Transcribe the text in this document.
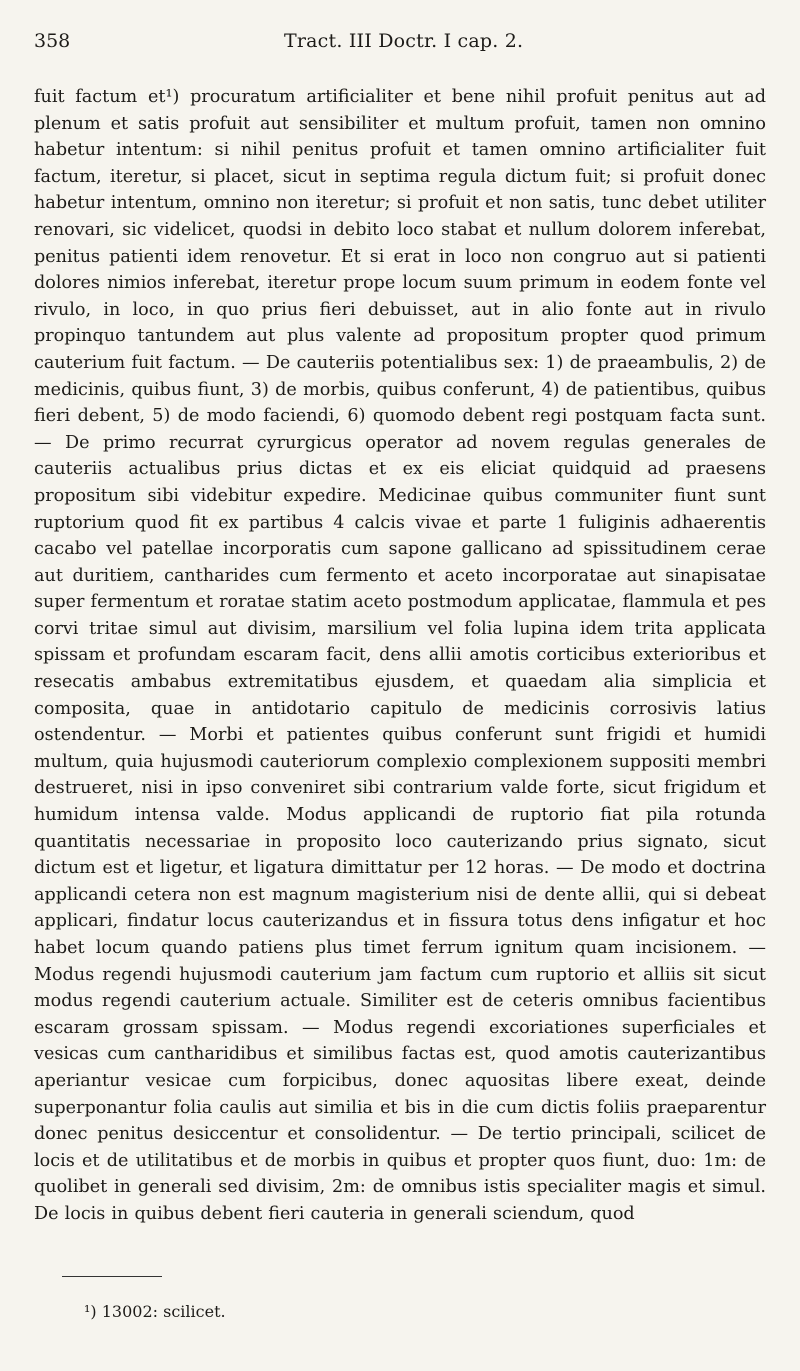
358	Tract. III Doctr. I cap. 2.

fuit factum et¹) procuratum artificialiter et bene nihil profuit penitus aut ad plenum et satis profuit aut sensibiliter et multum profuit, tamen non omnino habetur intentum: si nihil penitus profuit et tamen omnino artificialiter fuit factum, iteretur, si placet, sicut in septima regula dictum fuit; si profuit donec habetur intentum, omnino non iteretur; si profuit et non satis, tunc debet utiliter renovari, sic videlicet, quodsi in debito loco stabat et nullum dolorem inferebat, penitus patienti idem renovetur. Et si erat in loco non congruo aut si patienti dolores nimios inferebat, iteretur prope locum suum primum in eodem fonte vel rivulo, in loco, in quo prius fieri debuisset, aut in alio fonte aut in rivulo propinquo tantundem aut plus valente ad propositum propter quod primum cauterium fuit factum. — De cauteriis potentialibus sex: 1) de praeambulis, 2) de medicinis, quibus fiunt, 3) de morbis, quibus conferunt, 4) de patientibus, quibus fieri debent, 5) de modo faciendi, 6) quomodo debent regi postquam facta sunt. — De primo recurrat cyrurgicus operator ad novem regulas generales de cauteriis actualibus prius dictas et ex eis eliciat quidquid ad praesens propositum sibi videbitur expedire. Medicinae quibus communiter fiunt sunt ruptorium quod fit ex partibus 4 calcis vivae et parte 1 fuliginis adhaerentis cacabo vel patellae incorporatis cum sapone gallicano ad spissitudinem cerae aut duritiem, cantharides cum fermento et aceto incorporatae aut sinapisatae super fermentum et roratae statim aceto postmodum applicatae, flammula et pes corvi tritae simul aut divisim, marsilium vel folia lupina idem trita applicata spissam et profundam escaram facit, dens allii amotis corticibus exterioribus et resecatis ambabus extremitatibus ejusdem, et quaedam alia simplicia et composita, quae in antidotario capitulo de medicinis corrosivis latius ostendentur. — Morbi et patientes quibus conferunt sunt frigidi et humidi multum, quia hujusmodi cauteriorum complexio complexionem suppositi membri destrueret, nisi in ipso conveniret sibi contrarium valde forte, sicut frigidum et humidum intensa valde. Modus applicandi de ruptorio fiat pila rotunda quantitatis necessariae in proposito loco cauterizando prius signato, sicut dictum est et ligetur, et ligatura dimittatur per 12 horas. — De modo et doctrina applicandi cetera non est magnum magisterium nisi de dente allii, qui si debeat applicari, findatur locus cauterizandus et in fissura totus dens infigatur et hoc habet locum quando patiens plus timet ferrum ignitum quam incisionem. — Modus regendi hujusmodi cauterium jam factum cum ruptorio et alliis sit sicut modus regendi cauterium actuale. Similiter est de ceteris omnibus facientibus escaram grossam spissam. — Modus regendi excoriationes superficiales et vesicas cum cantharidibus et similibus factas est, quod amotis cauterizantibus aperiantur vesicae cum forpicibus, donec aquositas libere exeat, deinde superponantur folia caulis aut similia et bis in die cum dictis foliis praeparentur donec penitus desiccentur et consolidentur. — De tertio principali, scilicet de locis et de utilitatibus et de morbis in quibus et propter quos fiunt, duo: 1m: de quolibet in generali sed divisim, 2m: de omnibus istis specialiter magis et simul. De locis in quibus debent fieri cauteria in generali sciendum, quod

¹) 13002: scilicet.
